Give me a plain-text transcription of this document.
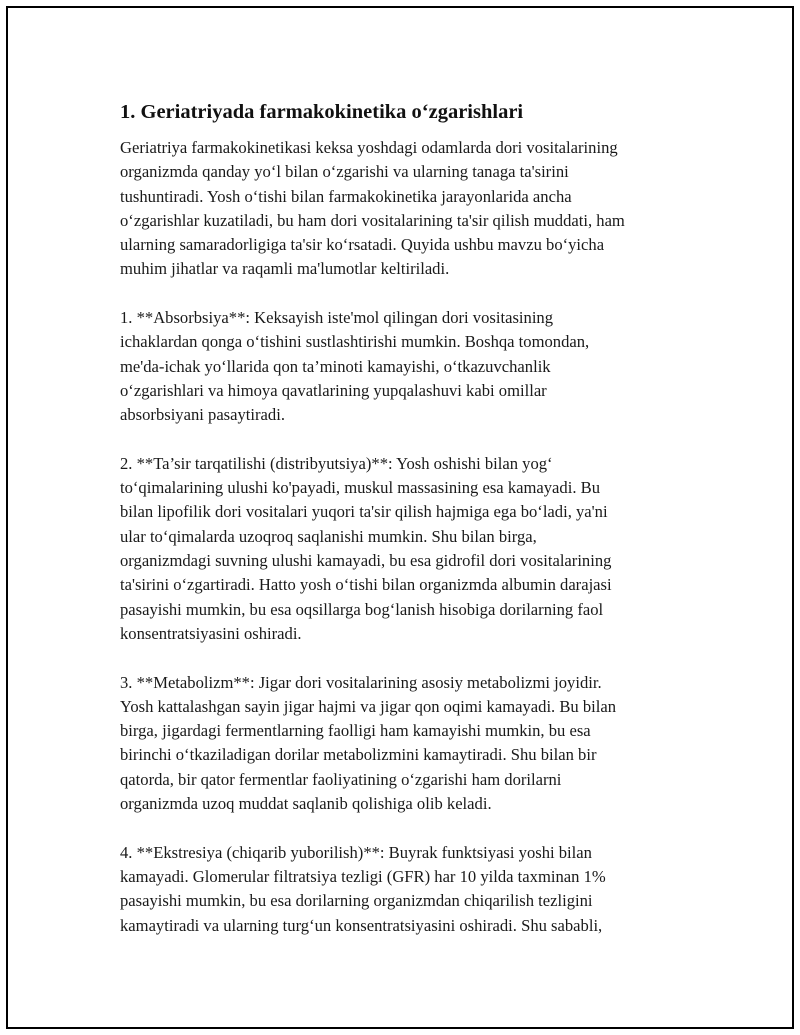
1. Geriatriyada farmakokinetika o‘zgarishlari

Geriatriya farmakokinetikasi keksa yoshdagi odamlarda dori vositalarining
organizmda qanday yo‘l bilan o‘zgarishi va ularning tanaga ta'sirini
tushuntiradi. Yosh o‘tishi bilan farmakokinetika jarayonlarida ancha
o‘zgarishlar kuzatiladi, bu ham dori vositalarining ta'sir qilish muddati, ham
ularning samaradorligiga ta'sir ko‘rsatadi. Quyida ushbu mavzu bo‘yicha
muhim jihatlar va raqamli ma'lumotlar keltiriladi.

1. **Absorbsiya**: Keksayish iste'mol qilingan dori vositasining
ichaklardan qonga o‘tishini sustlashtirishi mumkin. Boshqa tomondan,
me'da-ichak yo‘llarida qon ta’minoti kamayishi, o‘tkazuvchanlik
o‘zgarishlari va himoya qavatlarining yupqalashuvi kabi omillar
absorbsiyani pasaytiradi.

2. **Ta’sir tarqatilishi (distribyutsiya)**: Yosh oshishi bilan yog‘
to‘qimalarining ulushi ko'payadi, muskul massasining esa kamayadi. Bu
bilan lipofilik dori vositalari yuqori ta'sir qilish hajmiga ega bo‘ladi, ya'ni
ular to‘qimalarda uzoqroq saqlanishi mumkin. Shu bilan birga,
organizmdagi suvning ulushi kamayadi, bu esa gidrofil dori vositalarining
ta'sirini o‘zgartiradi. Hatto yosh o‘tishi bilan organizmda albumin darajasi
pasayishi mumkin, bu esa oqsillarga bog‘lanish hisobiga dorilarning faol
konsentratsiyasini oshiradi.

3. **Metabolizm**: Jigar dori vositalarining asosiy metabolizmi joyidir.
Yosh kattalashgan sayin jigar hajmi va jigar qon oqimi kamayadi. Bu bilan
birga, jigardagi fermentlarning faolligi ham kamayishi mumkin, bu esa
birinchi o‘tkaziladigan dorilar metabolizmini kamaytiradi. Shu bilan bir
qatorda, bir qator fermentlar faoliyatining o‘zgarishi ham dorilarni
organizmda uzoq muddat saqlanib qolishiga olib keladi.

4. **Ekstresiya (chiqarib yuborilish)**: Buyrak funktsiyasi yoshi bilan
kamayadi. Glomerular filtratsiya tezligi (GFR) har 10 yilda taxminan 1%
pasayishi mumkin, bu esa dorilarning organizmdan chiqarilish tezligini
kamaytiradi va ularning turg‘un konsentratsiyasini oshiradi. Shu sababli,
